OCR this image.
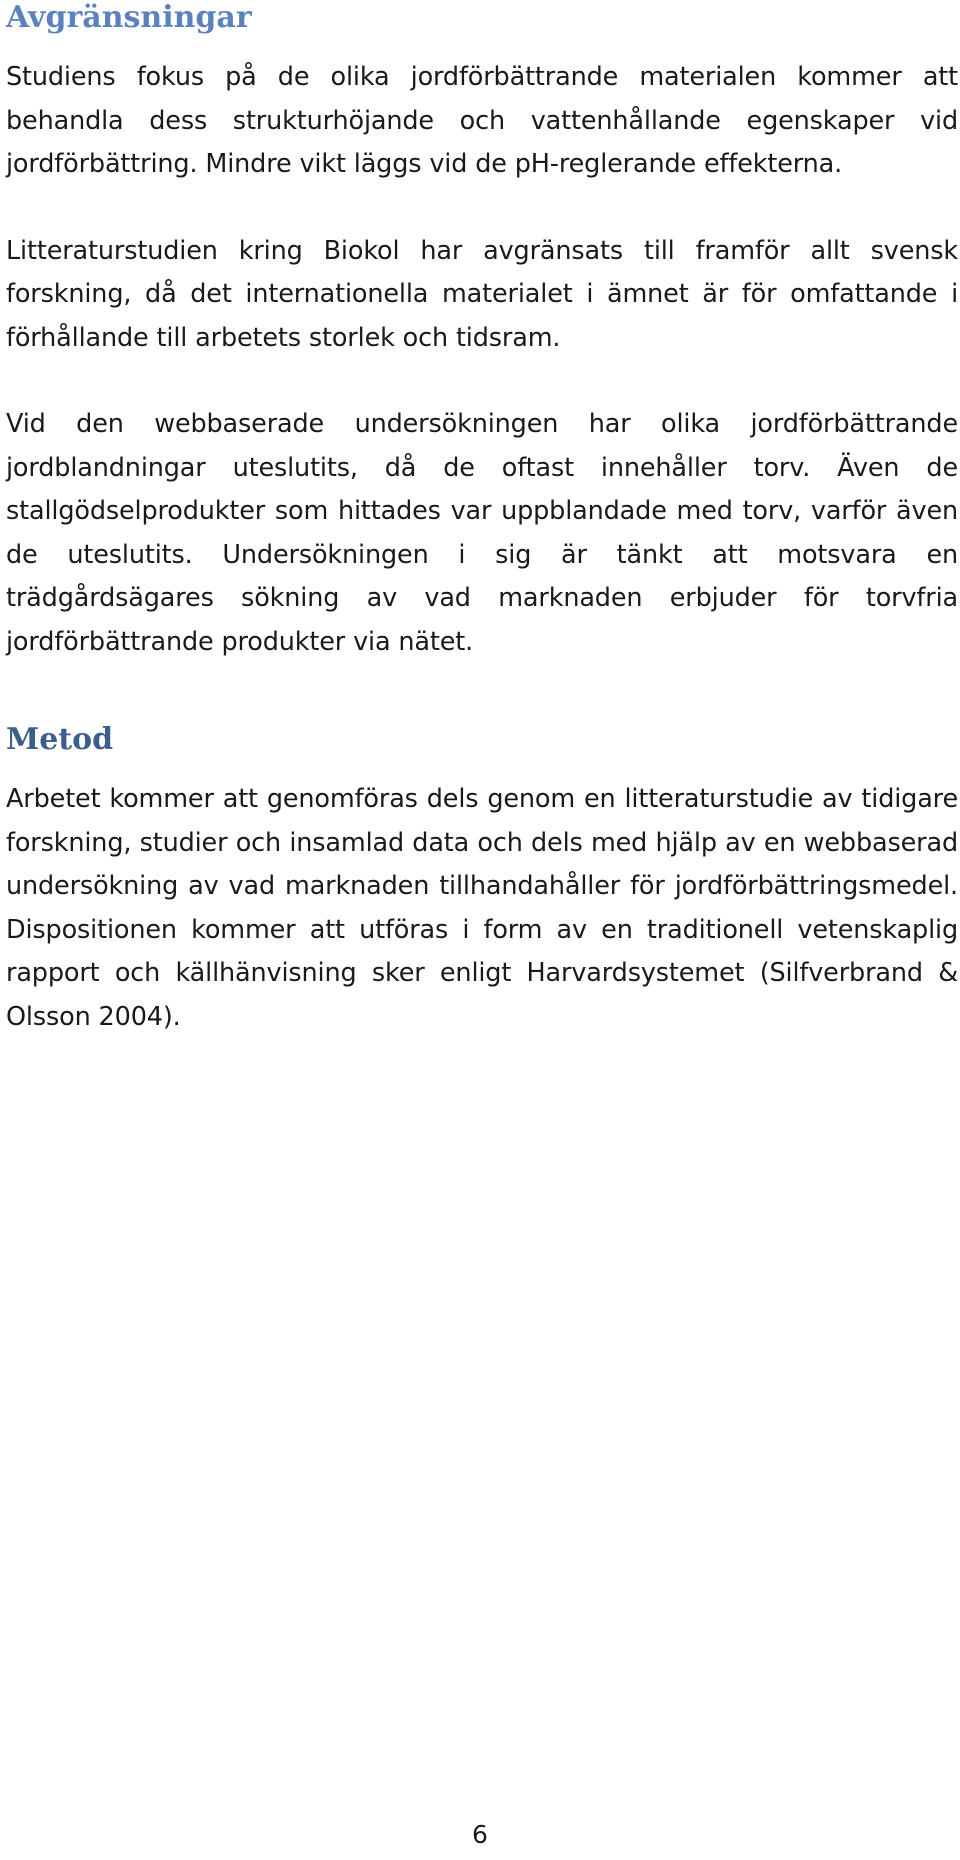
Avgränsningar

Studiens fokus på de olika jordförbättrande materialen kommer att behandla dess strukturhöjande och vattenhållande egenskaper vid jordförbättring. Mindre vikt läggs vid de pH-reglerande effekterna.

Litteraturstudien kring Biokol har avgränsats till framför allt svensk forskning, då det internationella materialet i ämnet är för omfattande i förhållande till arbetets storlek och tidsram.

Vid den webbaserade undersökningen har olika jordförbättrande jordblandningar uteslutits, då de oftast innehåller torv. Även de stallgödselprodukter som hittades var uppblandade med torv, varför även de uteslutits. Undersökningen i sig är tänkt att motsvara en trädgårdsägares sökning av vad marknaden erbjuder för torvfria jordförbättrande produkter via nätet.

Metod

Arbetet kommer att genomföras dels genom en litteraturstudie av tidigare forskning, studier och insamlad data och dels med hjälp av en webbaserad undersökning av vad marknaden tillhandahåller för jordförbättringsmedel. Dispositionen kommer att utföras i form av en traditionell vetenskaplig rapport och källhänvisning sker enligt Harvardsystemet (Silfverbrand & Olsson 2004).

6
